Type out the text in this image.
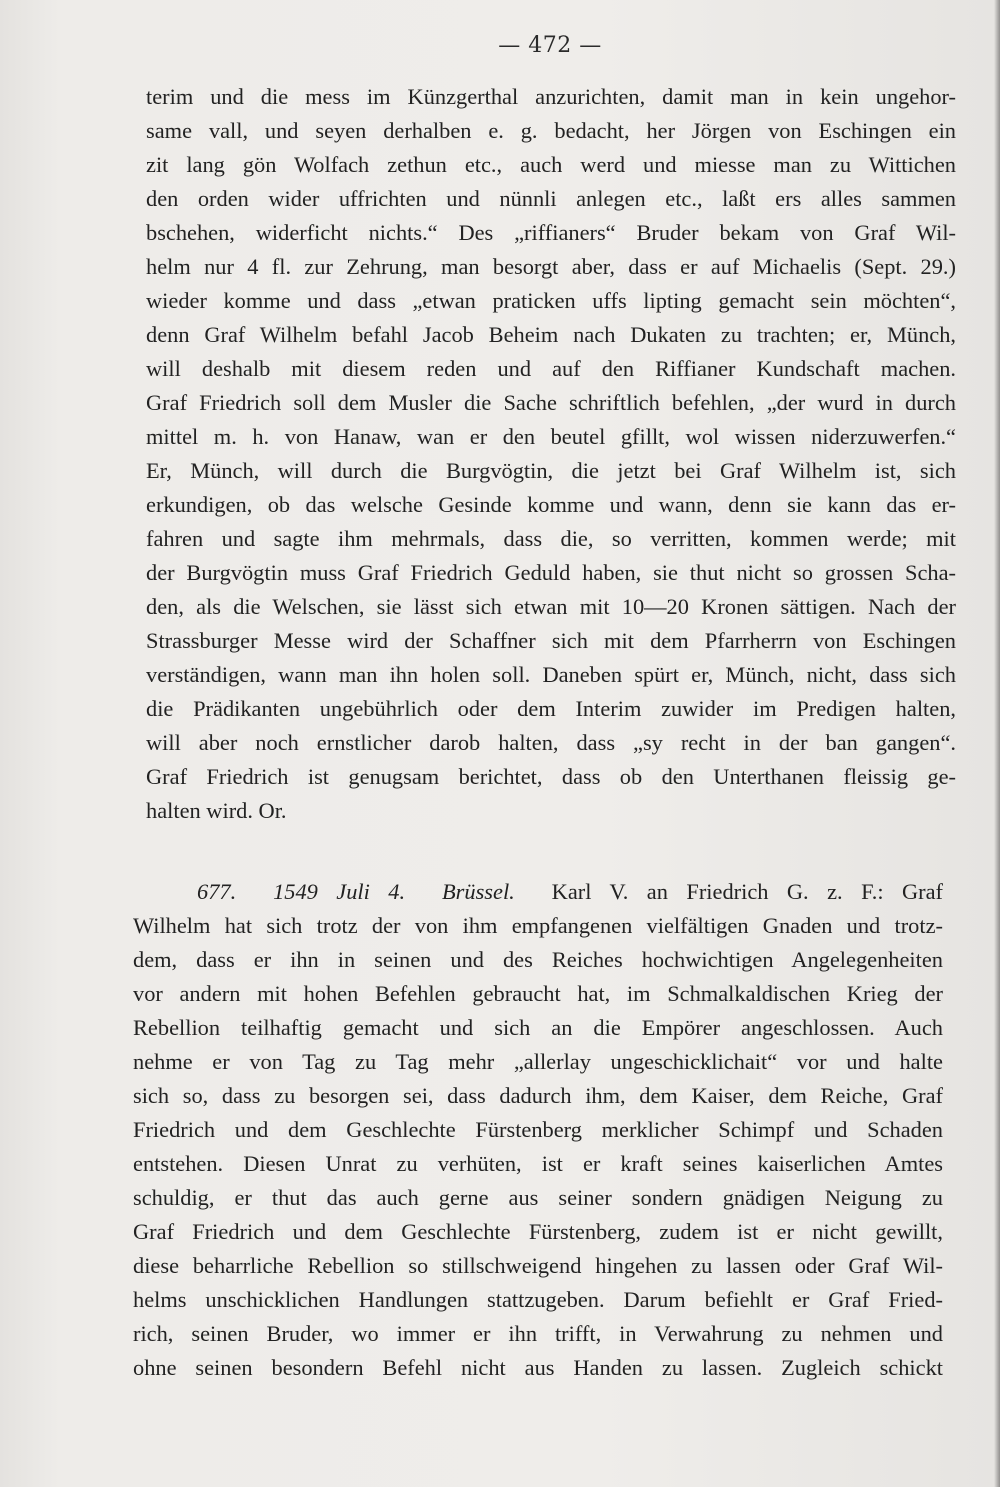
— 472 —
terim und die mess im Künzgerthal anzurichten, damit man in kein ungehor-
same vall, und seyen derhalben e. g. bedacht, her Jörgen von Eschingen ein
zit lang gön Wolfach zethun etc., auch werd und miesse man zu Wittichen
den orden wider uffrichten und nünnli anlegen etc., laßt ers alles sammen
bschehen, widerficht nichts.“ Des „riffianers“ Bruder bekam von Graf Wil-
helm nur 4 fl. zur Zehrung, man besorgt aber, dass er auf Michaelis (Sept. 29.)
wieder komme und dass „etwan praticken uffs lipting gemacht sein möchten“,
denn Graf Wilhelm befahl Jacob Beheim nach Dukaten zu trachten; er, Münch,
will deshalb mit diesem reden und auf den Riffianer Kundschaft machen.
Graf Friedrich soll dem Musler die Sache schriftlich befehlen, „der wurd in durch
mittel m. h. von Hanaw, wan er den beutel gfillt, wol wissen niderzuwerfen.“
Er, Münch, will durch die Burgvögtin, die jetzt bei Graf Wilhelm ist, sich
erkundigen, ob das welsche Gesinde komme und wann, denn sie kann das er-
fahren und sagte ihm mehrmals, dass die, so verritten, kommen werde; mit
der Burgvögtin muss Graf Friedrich Geduld haben, sie thut nicht so grossen Scha-
den, als die Welschen, sie lässt sich etwan mit 10—20 Kronen sättigen. Nach der
Strassburger Messe wird der Schaffner sich mit dem Pfarrherrn von Eschingen
verständigen, wann man ihn holen soll. Daneben spürt er, Münch, nicht, dass sich
die Prädikanten ungebührlich oder dem Interim zuwider im Predigen halten,
will aber noch ernstlicher darob halten, dass „sy recht in der ban gangen“.
Graf Friedrich ist genugsam berichtet, dass ob den Unterthanen fleissig ge-
halten wird. Or.
677. 1549 Juli 4. Brüssel. Karl V. an Friedrich G. z. F.: Graf
Wilhelm hat sich trotz der von ihm empfangenen vielfältigen Gnaden und trotz-
dem, dass er ihn in seinen und des Reiches hochwichtigen Angelegenheiten
vor andern mit hohen Befehlen gebraucht hat, im Schmalkaldischen Krieg der
Rebellion teilhaftig gemacht und sich an die Empörer angeschlossen. Auch
nehme er von Tag zu Tag mehr „allerlay ungeschicklichait“ vor und halte
sich so, dass zu besorgen sei, dass dadurch ihm, dem Kaiser, dem Reiche, Graf
Friedrich und dem Geschlechte Fürstenberg merklicher Schimpf und Schaden
entstehen. Diesen Unrat zu verhüten, ist er kraft seines kaiserlichen Amtes
schuldig, er thut das auch gerne aus seiner sondern gnädigen Neigung zu
Graf Friedrich und dem Geschlechte Fürstenberg, zudem ist er nicht gewillt,
diese beharrliche Rebellion so stillschweigend hingehen zu lassen oder Graf Wil-
helms unschicklichen Handlungen stattzugeben. Darum befiehlt er Graf Fried-
rich, seinen Bruder, wo immer er ihn trifft, in Verwahrung zu nehmen und
ohne seinen besondern Befehl nicht aus Handen zu lassen. Zugleich schickt
